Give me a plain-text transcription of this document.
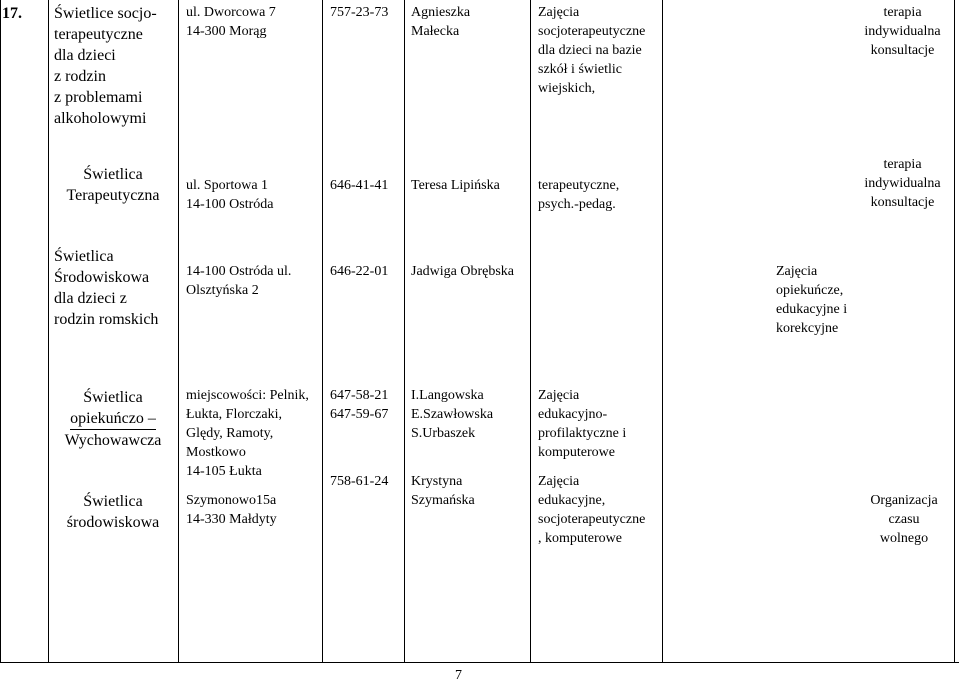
17. Świetlice socjo-
terapeutyczne
dla dzieci
z rodzin
z problemami
alkoholowymi
ul. Dworcowa 7
14-300 Morąg
757-23-73 Agnieszka
Małecka
Zajęcia
socjoterapeutyczne
dla dzieci na bazie
szkół i świetlic
wiejskich,
terapia
indywidualna
konsultacje
Świetlica
Terapeutyczna
ul. Sportowa 1
14-100 Ostróda
646-41-41 Teresa Lipińska	terapeutyczne,
psych.-pedag.
terapia
indywidualna
konsultacje
Świetlica
Środowiskowa
dla dzieci z
rodzin romskich
14-100 Ostróda ul.
Olsztyńska 2
646-22-01 Jadwiga Obrębska	Zajęcia
opiekuńcze,
edukacyjne i
korekcyjne
Świetlica
opiekuńczo –
Wychowawcza
Świetlica
środowiskowa
miejscowości: Pelnik,
Łukta, Florczaki,
Ględy, Ramoty,
Mostkowo
14-105 Łukta
Szymonowo15a
14-330 Małdyty
647-58-21
647-59-67
758-61-24
I.Langowska
E.Szawłowska
S.Urbaszek
Krystyna
Szymańska
Zajęcia
edukacyjno-
profilaktyczne i
komputerowe
Zajęcia
edukacyjne,
socjoterapeutyczne
, komputerowe
Organizacja
czasu
wolnego
7
